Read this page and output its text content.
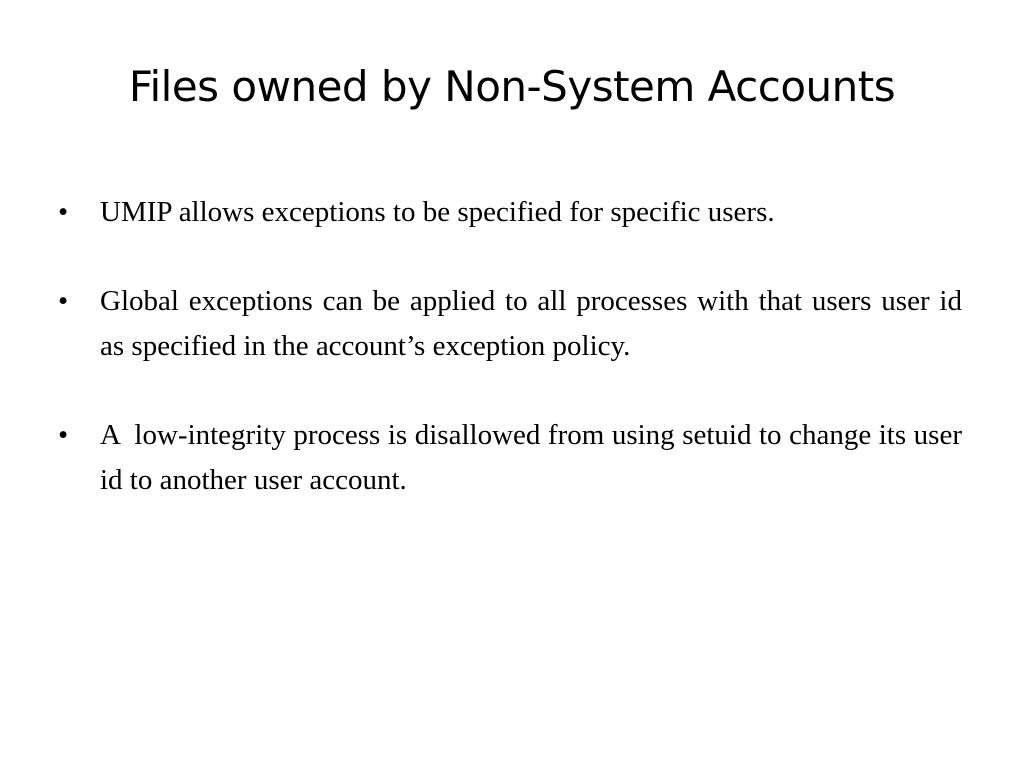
Files owned by Non-System Accounts
•	UMIP allows exceptions to be specified for specific users.
•	Global exceptions can be applied to all processes with that users user id as specified in the account’s exception policy.
•	A  low-integrity process is disallowed from using setuid to change its user id to another user account.
